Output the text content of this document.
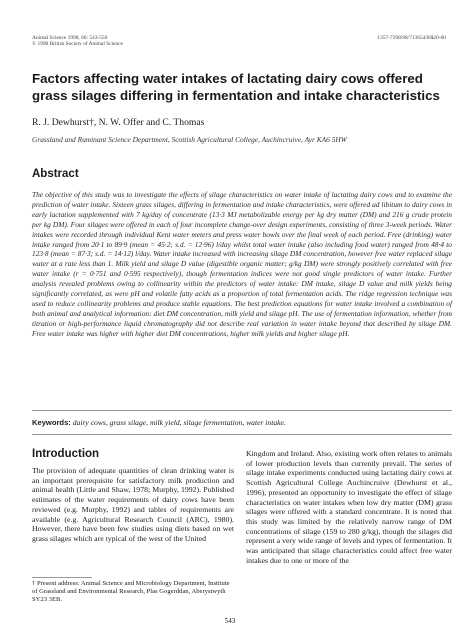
Animal Science 1998, 66: 543-550
© 1998 British Society of Animal Science
1357-7298/98/71365436$20-00
Factors affecting water intakes of lactating dairy cows offered grass silages differing in fermentation and intake characteristics

R. J. Dewhurst†, N. W. Offer and C. Thomas

Grassland and Ruminant Science Department, Scottish Agricultural College, Auchincruive, Ayr KA6 5HW

Abstract

The objective of this study was to investigate the effects of silage characteristics on water intake of lactating dairy cows and to examine the prediction of water intake. Sixteen grass silages, differing in fermentation and intake characteristics, were offered ad libitum to dairy cows in early lactation supplemented with 7 kg/day of concentrate (13·3 MJ metabolizable energy per kg dry matter (DM) and 216 g crude protein per kg DM). Four silages were offered in each of four incomplete change-over design experiments, consisting of three 3-week periods. Water intakes were recorded through individual Kent water meters and press water bowls over the final week of each period. Free (drinking) water intake ranged from 20·1 to 89·9 (mean = 45·2; s.d. = 12·96) l/day whilst total water intake (also including food water) ranged from 48·4 to 123·8 (mean = 87·3; s.d. = 14·12) l/day. Water intake increased with increasing silage DM concentration, however free water replaced silage water at a rate less than 1. Milk yield and silage D value (digestible organic matter; g/kg DM) were strongly positively correlated with free water intake (r = 0·751 and 0·595 respectively), though fermentation indices were not good single predictors of water intake. Further analysis revealed problems owing to collinearity within the predictors of water intake: DM intake, silage D value and milk yields being significantly correlated, as were pH and volatile fatty acids as a proportion of total fermentation acids. The ridge regression technique was used to reduce collinearity problems and produce stable equations. The best prediction equations for water intake involved a combination of both animal and analytical information: diet DM concentration, milk yield and silage pH. The use of fermentation information, whether from titration or high-performance liquid chromatography did not describe real variation in water intake beyond that described by silage DM. Free water intake was higher with higher diet DM concentrations, higher milk yields and higher silage pH.

Keywords: dairy cows, grass silage, milk yield, silage fermentation, water intake.

Introduction

The provision of adequate quantities of clean drinking water is an important prerequisite for satisfactory milk production and animal health (Little and Shaw, 1978; Murphy, 1992). Published estimates of the water requirements of dairy cows have been reviewed (e.g. Murphy, 1992) and tables of requirements are available (e.g. Agricultural Research Council (ARC), 1980). However, there have been few studies using diets based on wet grass silages which are typical of the west of the United

Kingdom and Ireland. Also, existing work often relates to animals of lower production levels than currently prevail. The series of silage intake experiments conducted using lactating dairy cows at Scottish Agricultural College Auchincruive (Dewhurst et al., 1996), presented an opportunity to investigate the effect of silage characteristics on water intakes when low dry matter (DM) grass silages were offered with a standard concentrate. It is noted that this study was limited by the relatively narrow range of DM concentrations of silage (159 to 280 g/kg), though the silages did represent a very wide range of levels and types of fermentation. It was anticipated that silage characteristics could affect free water intakes due to one or more of the

† Present address: Animal Science and Microbiology Department, Institute of Grassland and Environmental Research, Plas Gogerddan, Aberystwyth SY23 3EB.

543
